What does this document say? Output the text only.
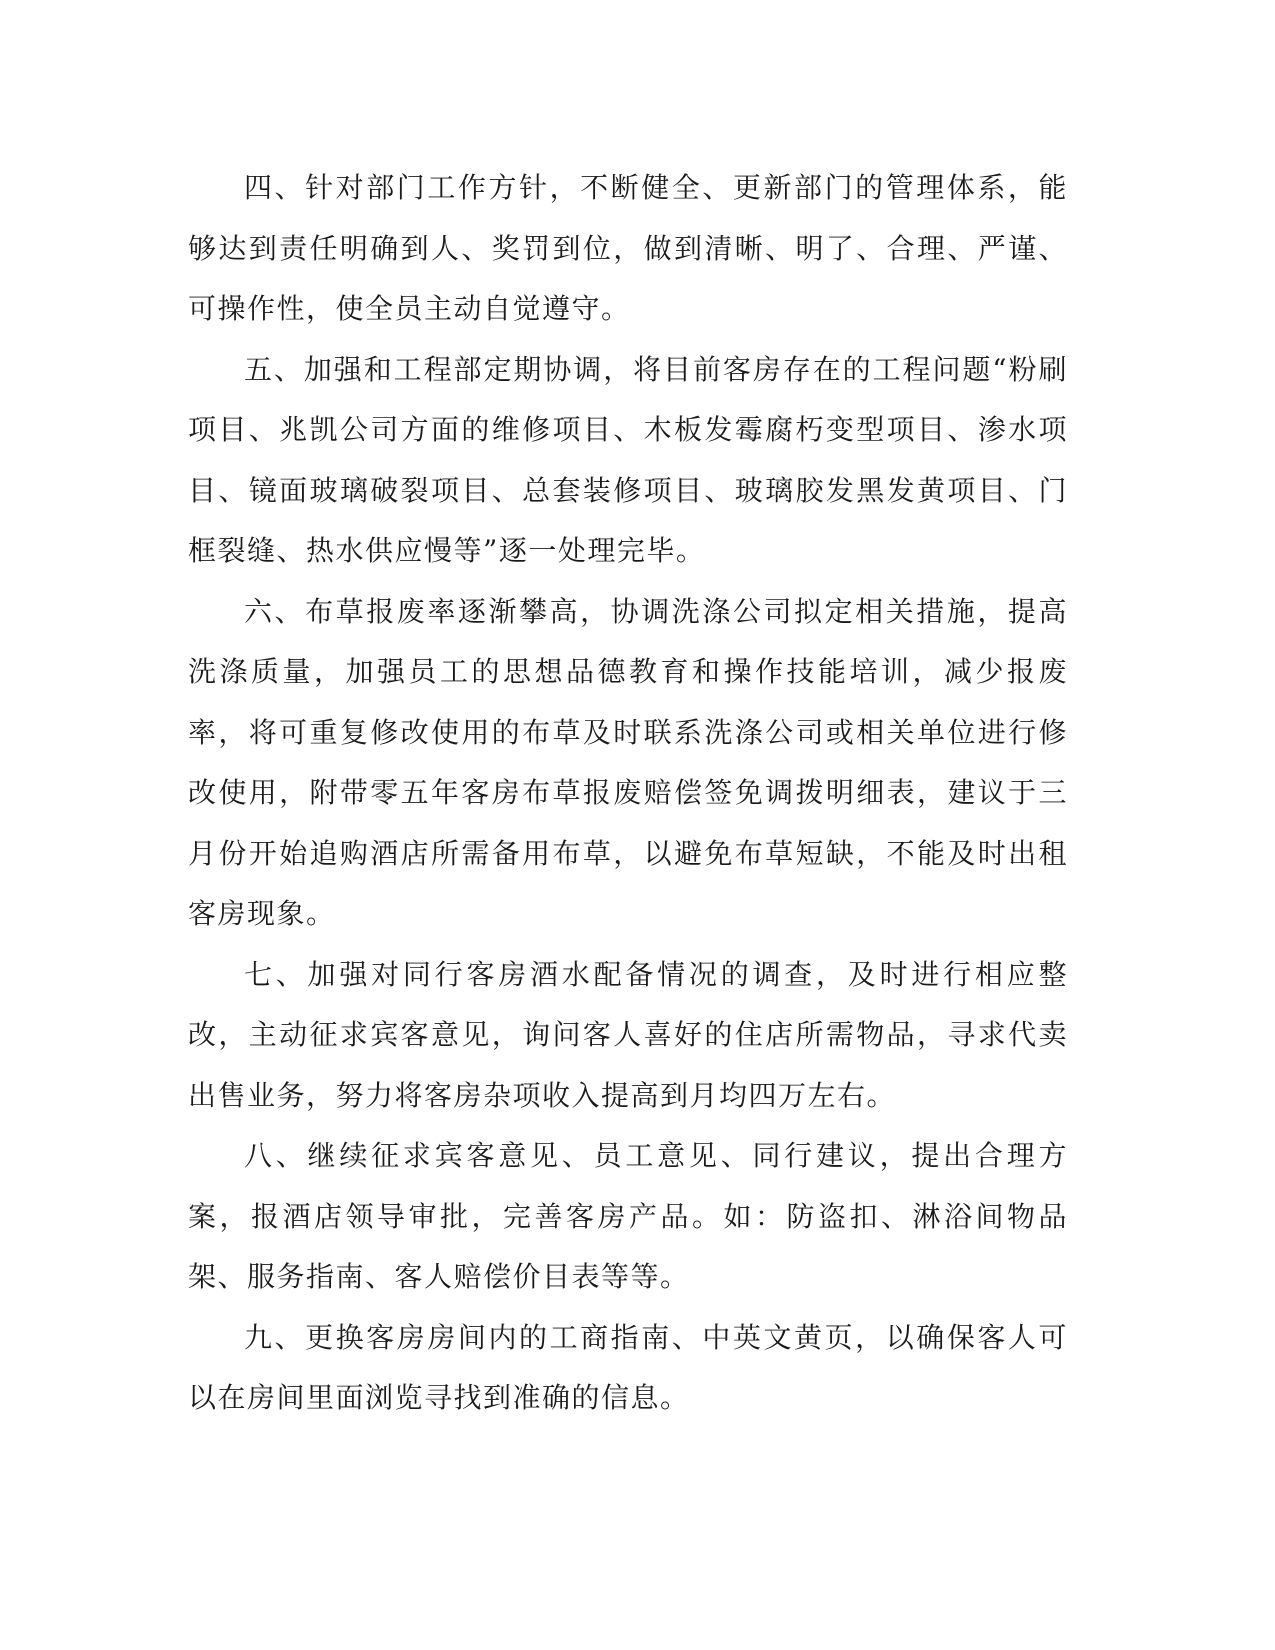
四、针对部门工作方针，不断健全、更新部门的管理体系，能够达到责任明确到人、奖罚到位，做到清晰、明了、合理、严谨、可操作性，使全员主动自觉遵守。

五、加强和工程部定期协调，将目前客房存在的工程问题“粉刷项目、兆凯公司方面的维修项目、木板发霉腐朽变型项目、渗水项目、镜面玻璃破裂项目、总套装修项目、玻璃胶发黑发黄项目、门框裂缝、热水供应慢等”逐一处理完毕。

六、布草报废率逐渐攀高，协调洗涤公司拟定相关措施，提高洗涤质量，加强员工的思想品德教育和操作技能培训，减少报废率，将可重复修改使用的布草及时联系洗涤公司或相关单位进行修改使用，附带零五年客房布草报废赔偿签免调拨明细表，建议于三月份开始追购酒店所需备用布草，以避免布草短缺，不能及时出租客房现象。

七、加强对同行客房酒水配备情况的调查，及时进行相应整改，主动征求宾客意见，询问客人喜好的住店所需物品，寻求代卖出售业务，努力将客房杂项收入提高到月均四万左右。

八、继续征求宾客意见、员工意见、同行建议，提出合理方案，报酒店领导审批，完善客房产品。如：防盗扣、淋浴间物品架、服务指南、客人赔偿价目表等等。

九、更换客房房间内的工商指南、中英文黄页，以确保客人可以在房间里面浏览寻找到准确的信息。
